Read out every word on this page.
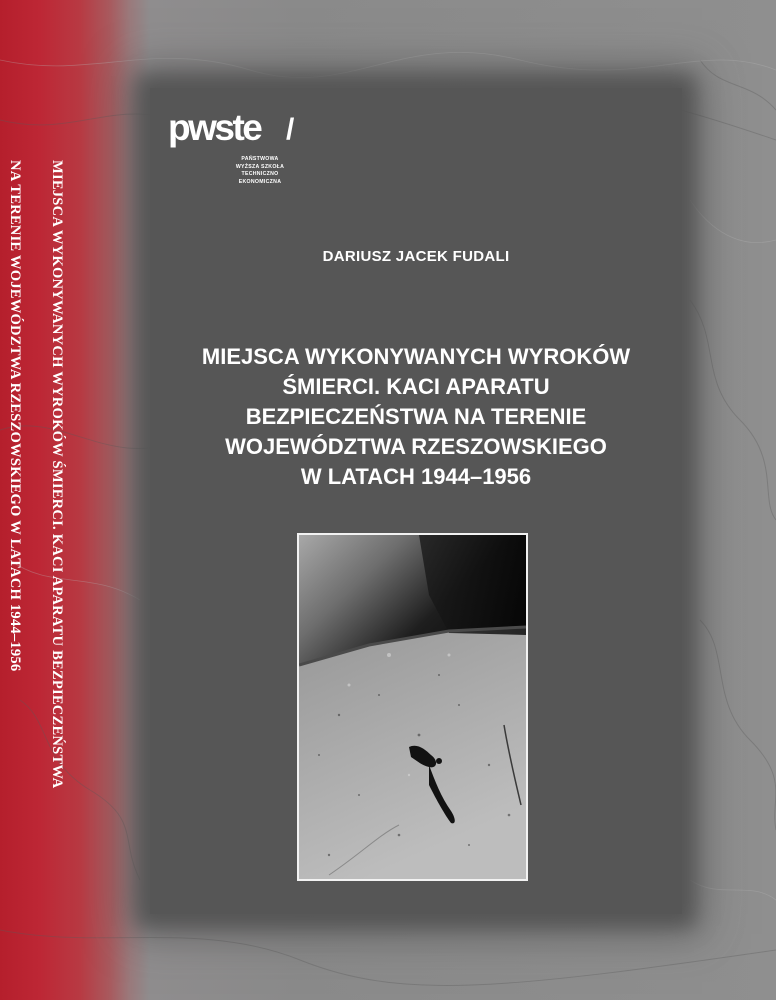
MIEJSCA WYKONYWANYCH WYROKÓW ŚMIERCI. KACI APARATU BEZPIECZEŃSTWA

NA TERENIE WOJEWÓDZTWA RZESZOWSKIEGO W LATACH 1944–1956

pwste /
PAŃSTWOWA
WYŻSZA SZKOŁA
TECHNICZNO
EKONOMICZNA
DARIUSZ JACEK FUDALI
MIEJSCA WYKONYWANYCH WYROKÓW
ŚMIERCI. KACI APARATU
BEZPIECZEŃSTWA NA TERENIE
WOJEWÓDZTWA RZESZOWSKIEGO
W LATACH 1944–1956
